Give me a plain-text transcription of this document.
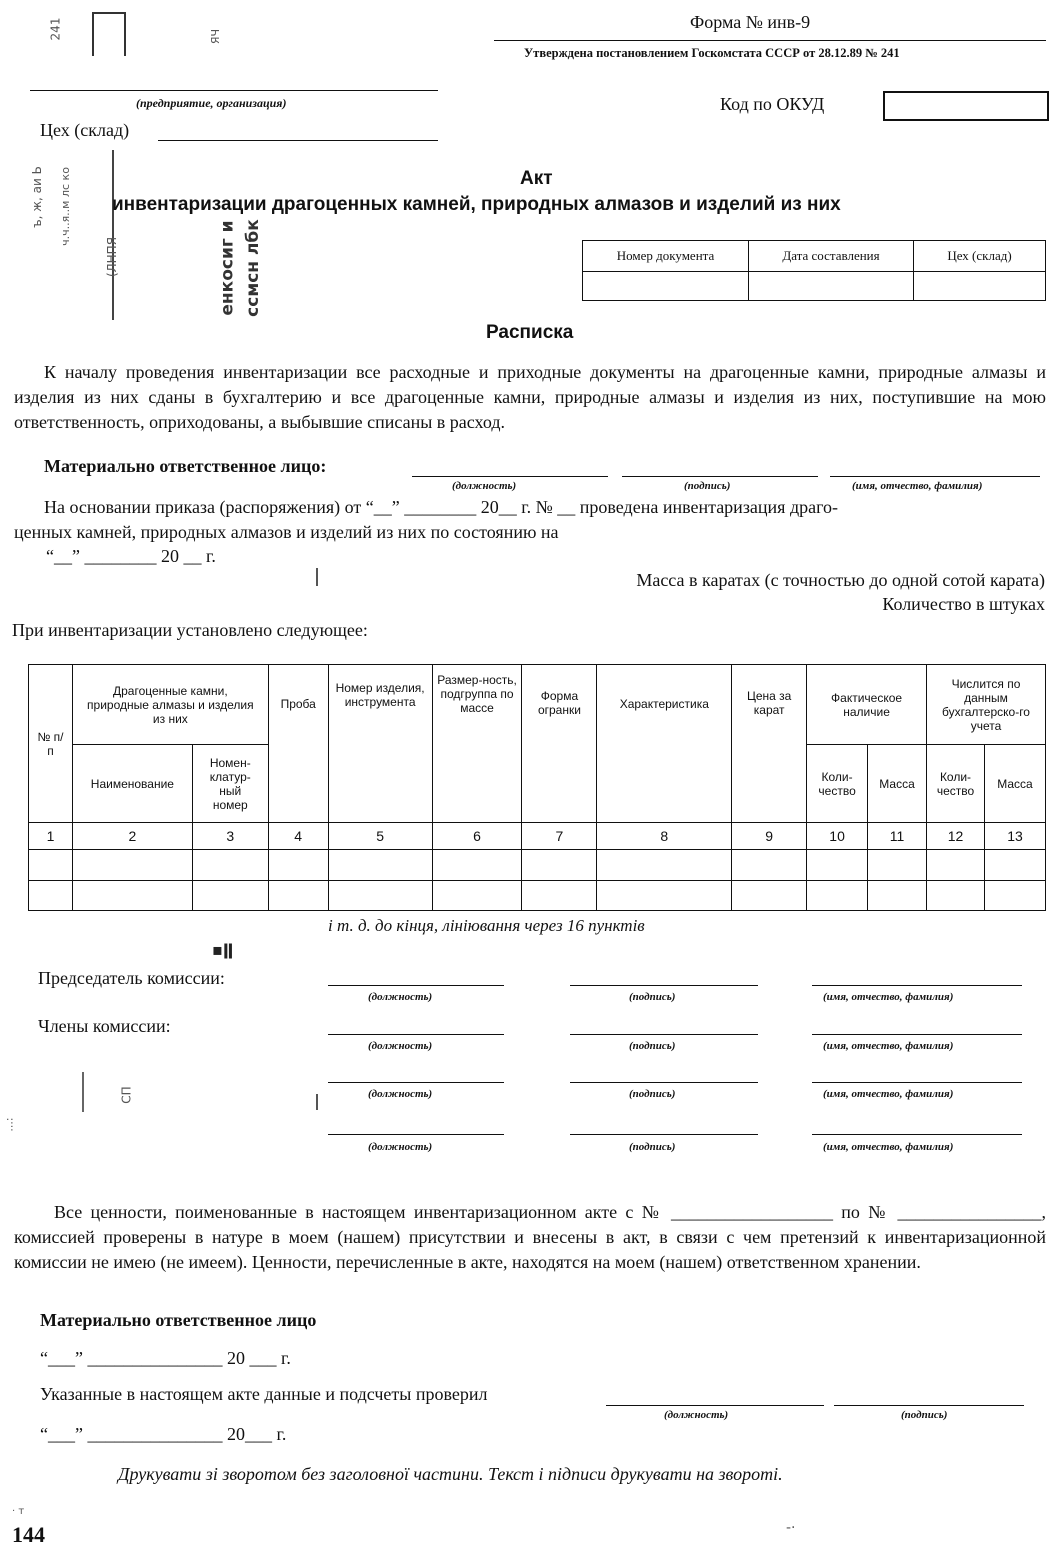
Форма № инв-9
Утверждена постановлением Госкомстата СССР от 28.12.89 № 241
241	ЯЧ
(предприятие, организация)	Код по ОКУД
Цех (склад)
ъ, ж, аи Ь ч.ч..я..м лс ко
(ЛНПЯ	енкосиг и ссмсн лбк
Акт
инвентаризации драгоценных камней, природных алмазов и изделий из них
Номер документа	Дата составления	Цех (склад)

Расписка
К началу проведения инвентаризации все расходные и приходные документы на драгоценные камни, природные алмазы и изделия из них сданы в бухгалтерию и все драгоценные камни, природные алмазы и изделия из них, поступившие на мою ответственность, оприходованы, а выбывшие списаны в расход.
Материально ответственное лицо:
(должность)	(подпись)	(имя, отчество, фамилия)
На основании приказа (распоряжения) от “__” ________ 20__ г. № __ проведена инвентаризация драго-
ценных камней, природных алмазов и изделий из них по состоянию на
“__” ________ 20 __ г.
Масса в каратах (с точностью до одной сотой карата)
Количество в штуках
При инвентаризации установлено следующее:
№ п/п	Драгоценные камни, природные алмазы и изделия из них		Проба	Номер изделия, инструмента	Размер-ность, подгруппа по массе	Форма огранки	Характеристика	Цена за карат	Фактическое наличие		Числится по данным бухгалтерско-го учета	
	Наименование	Номен-клатур-ный номер							Коли-чество	Масса	Коли-чество	Масса
1	2	3	4	5	6	7	8	9	10	11	12	13

і т. д. до кінця, лініювання через 16 пунктів
▪ǁ
Председатель комиссии:
Члены комиссии:
(должность)	(подпись)	(имя, отчество, фамилия)
(должность)	(подпись)	(имя, отчество, фамилия)
(должность)	(подпись)	(имя, отчество, фамилия)
(должность)	(подпись)	(имя, отчество, фамилия)
СП
...:
Все ценности, поименованные в настоящем инвентаризационном акте с № __________________ по № ________________, комиссией проверены в натуре в моем (нашем) присутствии и внесены в акт, в связи с чем претензий к инвентаризационной комиссии не имею (не имеем). Ценности, перечисленные в акте, находятся на моем (нашем) ответственном хранении.
Материально ответственное лицо
“___” _______________ 20 ___ г.
Указанные в настоящем акте данные и подсчеты проверил
(должность)	(подпись)
“___” _______________ 20___ г.
Друкувати зі зворотом без заголовної частини. Текст і підписи друкувати на звороті.
144
· т
-·
